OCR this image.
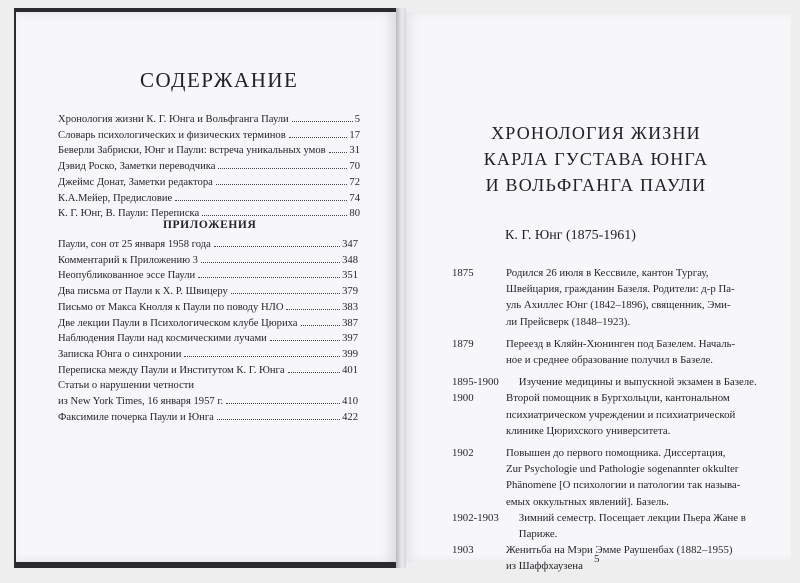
СОДЕРЖАНИЕ
Хронология жизни К. Г. Юнга и Вольфганга Паули	5
Словарь психологических и физических терминов	17
Беверли Забриски, Юнг и Паули: встреча уникальных умов 31
Дэвид Роско, Заметки переводчика	70
Джеймс Донат, Заметки редактора	72
К.А.Мейер, Предисловие	74
К. Г. Юнг, В. Паули: Переписка	80
ПРИЛОЖЕНИЯ
Паули, сон от 25 января 1958 года	347
Комментарий к Приложению 3	348
Неопубликованное эссе Паули	351
Два письма от Паули к Х. Р. Швицеру	379
Письмо от Макса Кнолля к Паули по поводу НЛО	383
Две лекции Паули в Психологическом клубе Цюриха	387
Наблюдения Паули над космическими лучами	397
Записка Юнга о синхронии	399
Переписка между Паули и Институтом К. Г. Юнга	401
Статьи о нарушении четности
из New York Times, 16 января 1957 г.	410
Факсимиле почерка Паули и Юнга	422
ХРОНОЛОГИЯ ЖИЗНИ
КАРЛА ГУСТАВА ЮНГА
И ВОЛЬФГАНГА ПАУЛИ
К. Г. Юнг (1875-1961)
1875	Родился 26 июля в Кессвиле, кантон Тургау,
Швейцария, гражданин Базеля. Родители: д-р Па-
уль Ахиллес Юнг (1842–1896), священник, Эми-
ли Прейсверк (1848–1923).
1879	Переезд в Кляйн-Хюнинген под Базелем. Началь-
ное и среднее образование получил в Базеле.
1895-1900 Изучение медицины и выпускной экзамен в Базеле.
1900	Второй помощник в Бургхольцли, кантональном
психиатрическом учреждении и психиатрической
клинике Цюрихского университета.
1902	Повышен до первого помощника. Диссертация,
Zur Psychologie und Pathologie sogenannter okkulter
Phänomene [О психологии и патологии так называ-
емых оккультных явлений]. Базель.
1902-1903 Зимний семестр. Посещает лекции Пьера Жане в
Париже.
1903	Женитьба на Мэри Эмме Раушенбах (1882–1955)
из Шаффхаузена
5
